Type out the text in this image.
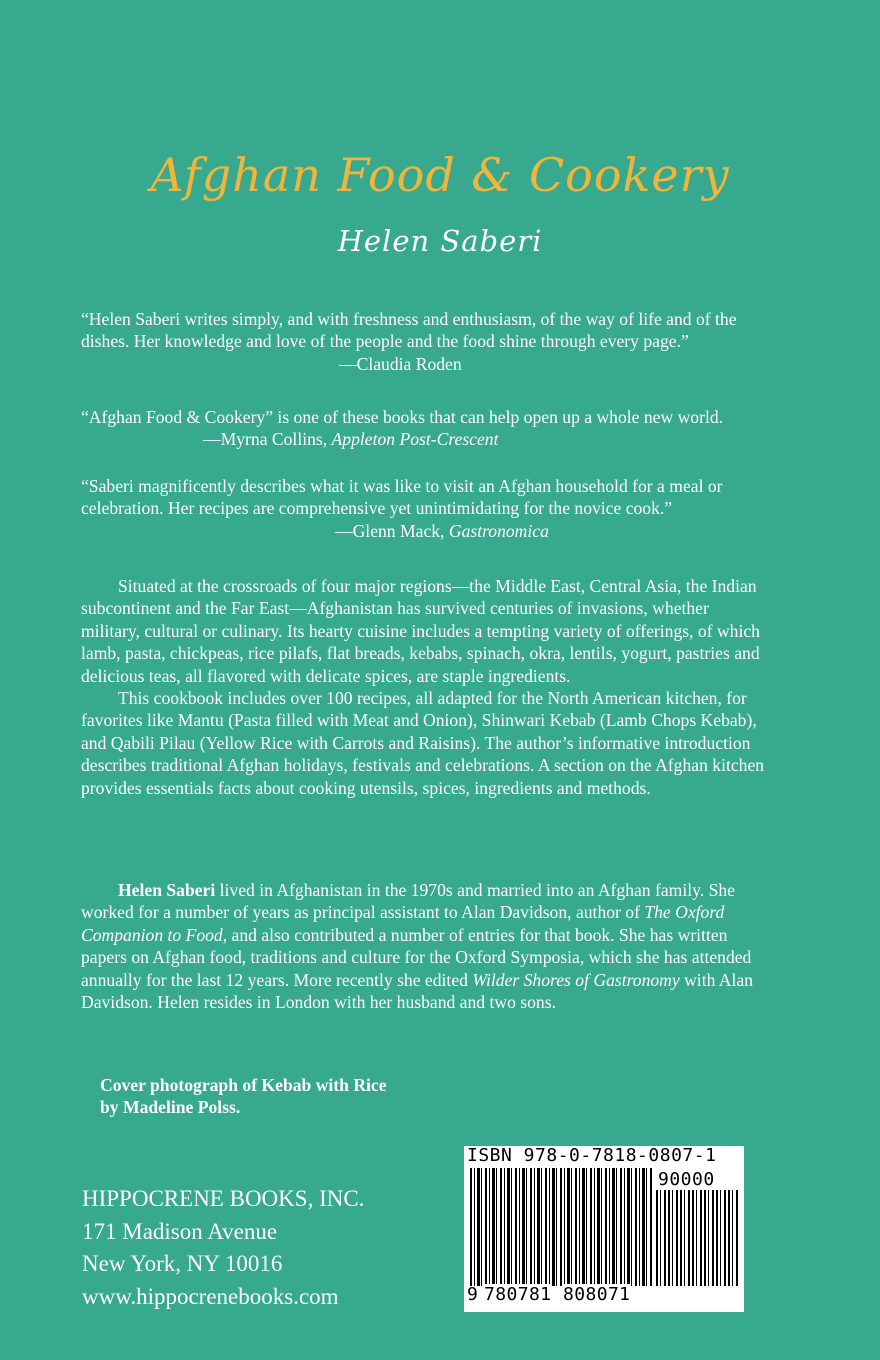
Afghan Food & Cookery
Helen Saberi
“Helen Saberi writes simply, and with freshness and enthusiasm, of the way of life and of the dishes. Her knowledge and love of the people and the food shine through every page.”
—Claudia Roden
“Afghan Food & Cookery” is one of these books that can help open up a whole new world. —Myrna Collins, Appleton Post-Crescent
“Saberi magnificently describes what it was like to visit an Afghan household for a meal or celebration. Her recipes are comprehensive yet unintimidating for the novice cook.”
—Glenn Mack, Gastronomica
Situated at the crossroads of four major regions—the Middle East, Central Asia, the Indian subcontinent and the Far East—Afghanistan has survived centuries of invasions, whether military, cultural or culinary. Its hearty cuisine includes a tempting variety of offerings, of which lamb, pasta, chickpeas, rice pilafs, flat breads, kebabs, spinach, okra, lentils, yogurt, pastries and delicious teas, all flavored with delicate spices, are staple ingredients.
This cookbook includes over 100 recipes, all adapted for the North American kitchen, for favorites like Mantu (Pasta filled with Meat and Onion), Shinwari Kebab (Lamb Chops Kebab), and Qabili Pilau (Yellow Rice with Carrots and Raisins). The author’s informative introduction describes traditional Afghan holidays, festivals and celebrations. A section on the Afghan kitchen provides essentials facts about cooking utensils, spices, ingredients and methods.
Helen Saberi lived in Afghanistan in the 1970s and married into an Afghan family. She worked for a number of years as principal assistant to Alan Davidson, author of The Oxford Companion to Food, and also contributed a number of entries for that book. She has written papers on Afghan food, traditions and culture for the Oxford Symposia, which she has attended annually for the last 12 years. More recently she edited Wilder Shores of Gastronomy with Alan Davidson. Helen resides in London with her husband and two sons.
Cover photograph of Kebab with Rice
by Madeline Polss.
HIPPOCRENE BOOKS, INC.
171 Madison Avenue
New York, NY 10016
www.hippocrenebooks.com
ISBN 978-0-7818-0807-1
90000
9 780781 808071
